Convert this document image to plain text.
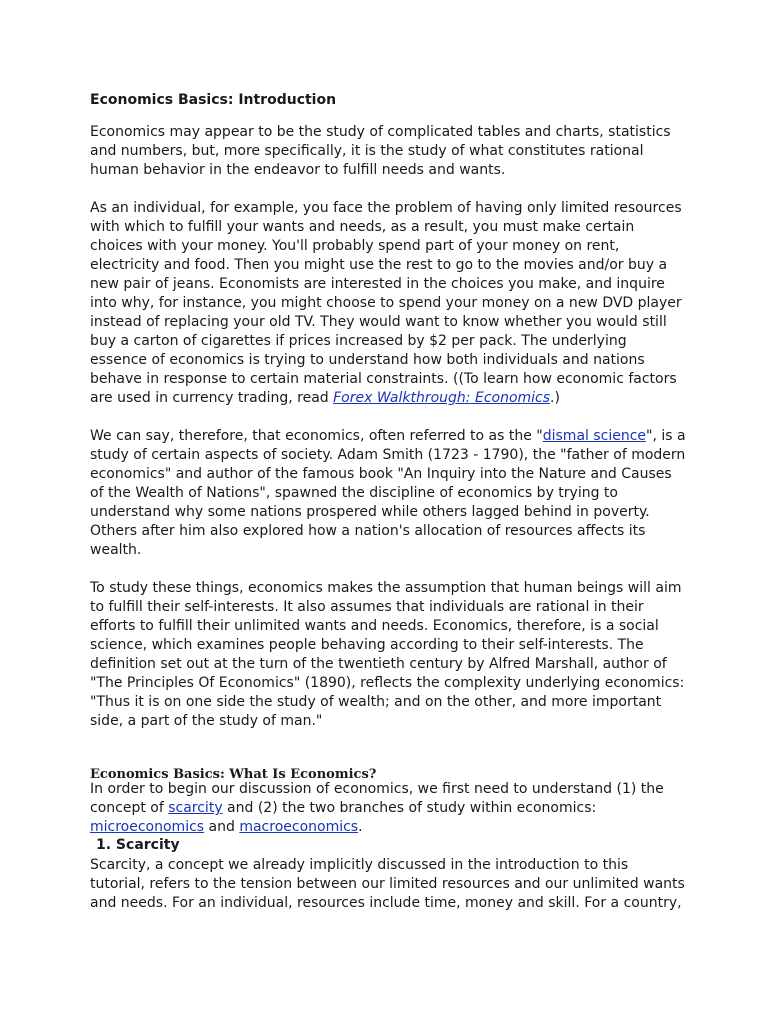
Economics Basics: Introduction

Economics may appear to be the study of complicated tables and charts, statistics and numbers, but, more specifically, it is the study of what constitutes rational human behavior in the endeavor to fulfill needs and wants.

As an individual, for example, you face the problem of having only limited resources with which to fulfill your wants and needs, as a result, you must make certain choices with your money. You'll probably spend part of your money on rent, electricity and food. Then you might use the rest to go to the movies and/or buy a new pair of jeans. Economists are interested in the choices you make, and inquire into why, for instance, you might choose to spend your money on a new DVD player instead of replacing your old TV. They would want to know whether you would still buy a carton of cigarettes if prices increased by $2 per pack. The underlying essence of economics is trying to understand how both individuals and nations behave in response to certain material constraints. ((To learn how economic factors are used in currency trading, read Forex Walkthrough: Economics.)

We can say, therefore, that economics, often referred to as the "dismal science", is a study of certain aspects of society. Adam Smith (1723 - 1790), the "father of modern economics" and author of the famous book "An Inquiry into the Nature and Causes of the Wealth of Nations", spawned the discipline of economics by trying to understand why some nations prospered while others lagged behind in poverty. Others after him also explored how a nation's allocation of resources affects its wealth.

To study these things, economics makes the assumption that human beings will aim to fulfill their self-interests. It also assumes that individuals are rational in their efforts to fulfill their unlimited wants and needs. Economics, therefore, is a social science, which examines people behaving according to their self-interests. The definition set out at the turn of the twentieth century by Alfred Marshall, author of "The Principles Of Economics" (1890), reflects the complexity underlying economics: "Thus it is on one side the study of wealth; and on the other, and more important side, a part of the study of man."

Economics Basics: What Is Economics?

In order to begin our discussion of economics, we first need to understand (1) the concept of scarcity and (2) the two branches of study within economics: microeconomics and macroeconomics.

1. Scarcity

Scarcity, a concept we already implicitly discussed in the introduction to this tutorial, refers to the tension between our limited resources and our unlimited wants and needs. For an individual, resources include time, money and skill. For a country,
